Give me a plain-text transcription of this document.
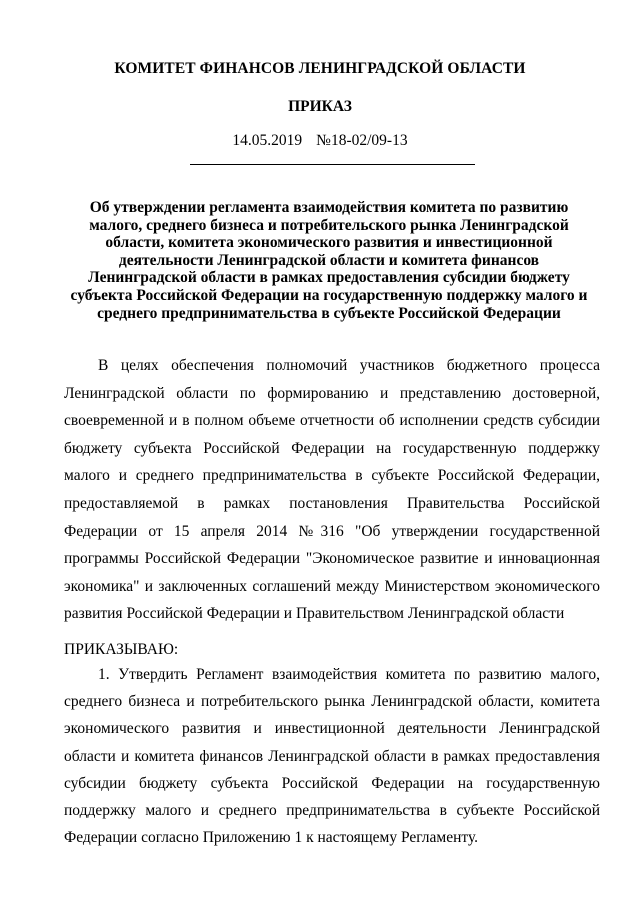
КОМИТЕТ ФИНАНСОВ ЛЕНИНГРАДСКОЙ ОБЛАСТИ
ПРИКАЗ
14.05.2019 №18-02/09-13
Об утверждении регламента взаимодействия комитета по развитию малого, среднего бизнеса и потребительского рынка Ленинградской области, комитета экономического развития и инвестиционной деятельности Ленинградской области и комитета финансов Ленинградской области в рамках предоставления субсидии бюджету субъекта Российской Федерации на государственную поддержку малого и среднего предпринимательства в субъекте Российской Федерации
В целях обеспечения полномочий участников бюджетного процесса Ленинградской области по формированию и представлению достоверной, своевременной и в полном объеме отчетности об исполнении средств субсидии бюджету субъекта Российской Федерации на государственную поддержку малого и среднего предпринимательства в субъекте Российской Федерации, предоставляемой в рамках постановления Правительства Российской Федерации от 15 апреля 2014 №316 "Об утверждении государственной программы Российской Федерации "Экономическое развитие и инновационная экономика" и заключенных соглашений между Министерством экономического развития Российской Федерации и Правительством Ленинградской области
ПРИКАЗЫВАЮ:
1. Утвердить Регламент взаимодействия комитета по развитию малого, среднего бизнеса и потребительского рынка Ленинградской области, комитета экономического развития и инвестиционной деятельности Ленинградской области и комитета финансов Ленинградской области в рамках предоставления субсидии бюджету субъекта Российской Федерации на государственную поддержку малого и среднего предпринимательства в субъекте Российской Федерации согласно Приложению 1 к настоящему Регламенту.
